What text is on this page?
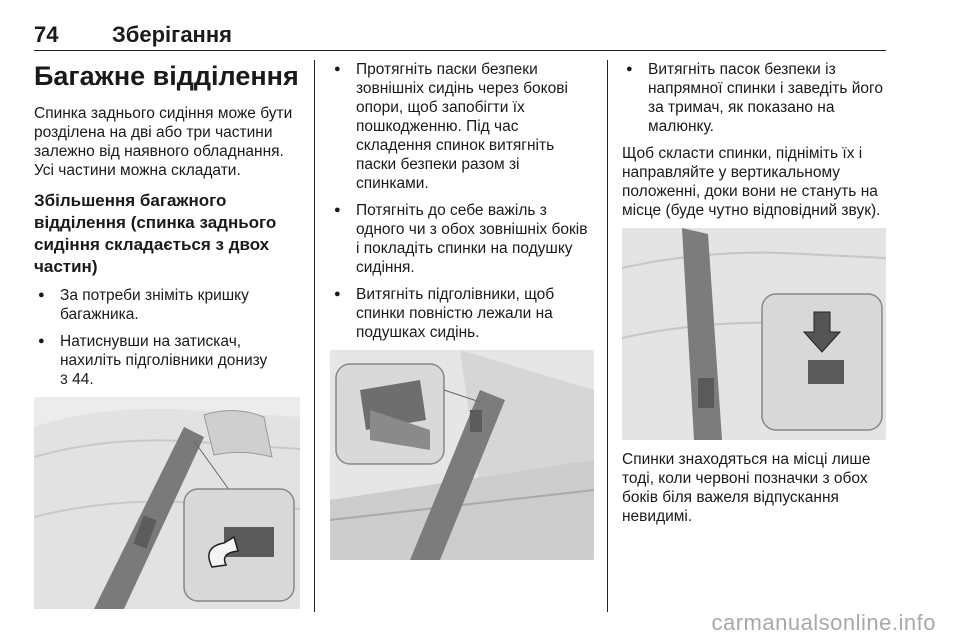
74 Зберігання
Багажне відділення

Спинка заднього сидіння може бути розділена на дві або три частини залежно від наявного обладнання. Усі частини можна складати.

Збільшення багажного відділення (спинка заднього сидіння складається з двох частин)
● За потреби зніміть кришку багажника.
● Натиснувши на затискач, нахиліть підголівники донизу
3 44.
● Протягніть паски безпеки зовнішніх сидінь через бокові опори, щоб запобігти їх пошкодженню. Під час складення спинок витягніть паски безпеки разом зі спинками.
● Потягніть до себе важіль з одного чи з обох зовнішніх боків і покладіть спинки на подушку сидіння.
● Витягніть підголівники, щоб спинки повністю лежали на подушках сидінь.
● Витягніть пасок безпеки із напрямної спинки і заведіть його за тримач, як показано на малюнку.

Щоб скласти спинки, підніміть їх і направляйте у вертикальному положенні, доки вони не стануть на місце (буде чутно відповідний звук).

Спинки знаходяться на місці лише тоді, коли червоні позначки з обох боків біля важеля відпускання невидимі.

carmanualsonline.info
